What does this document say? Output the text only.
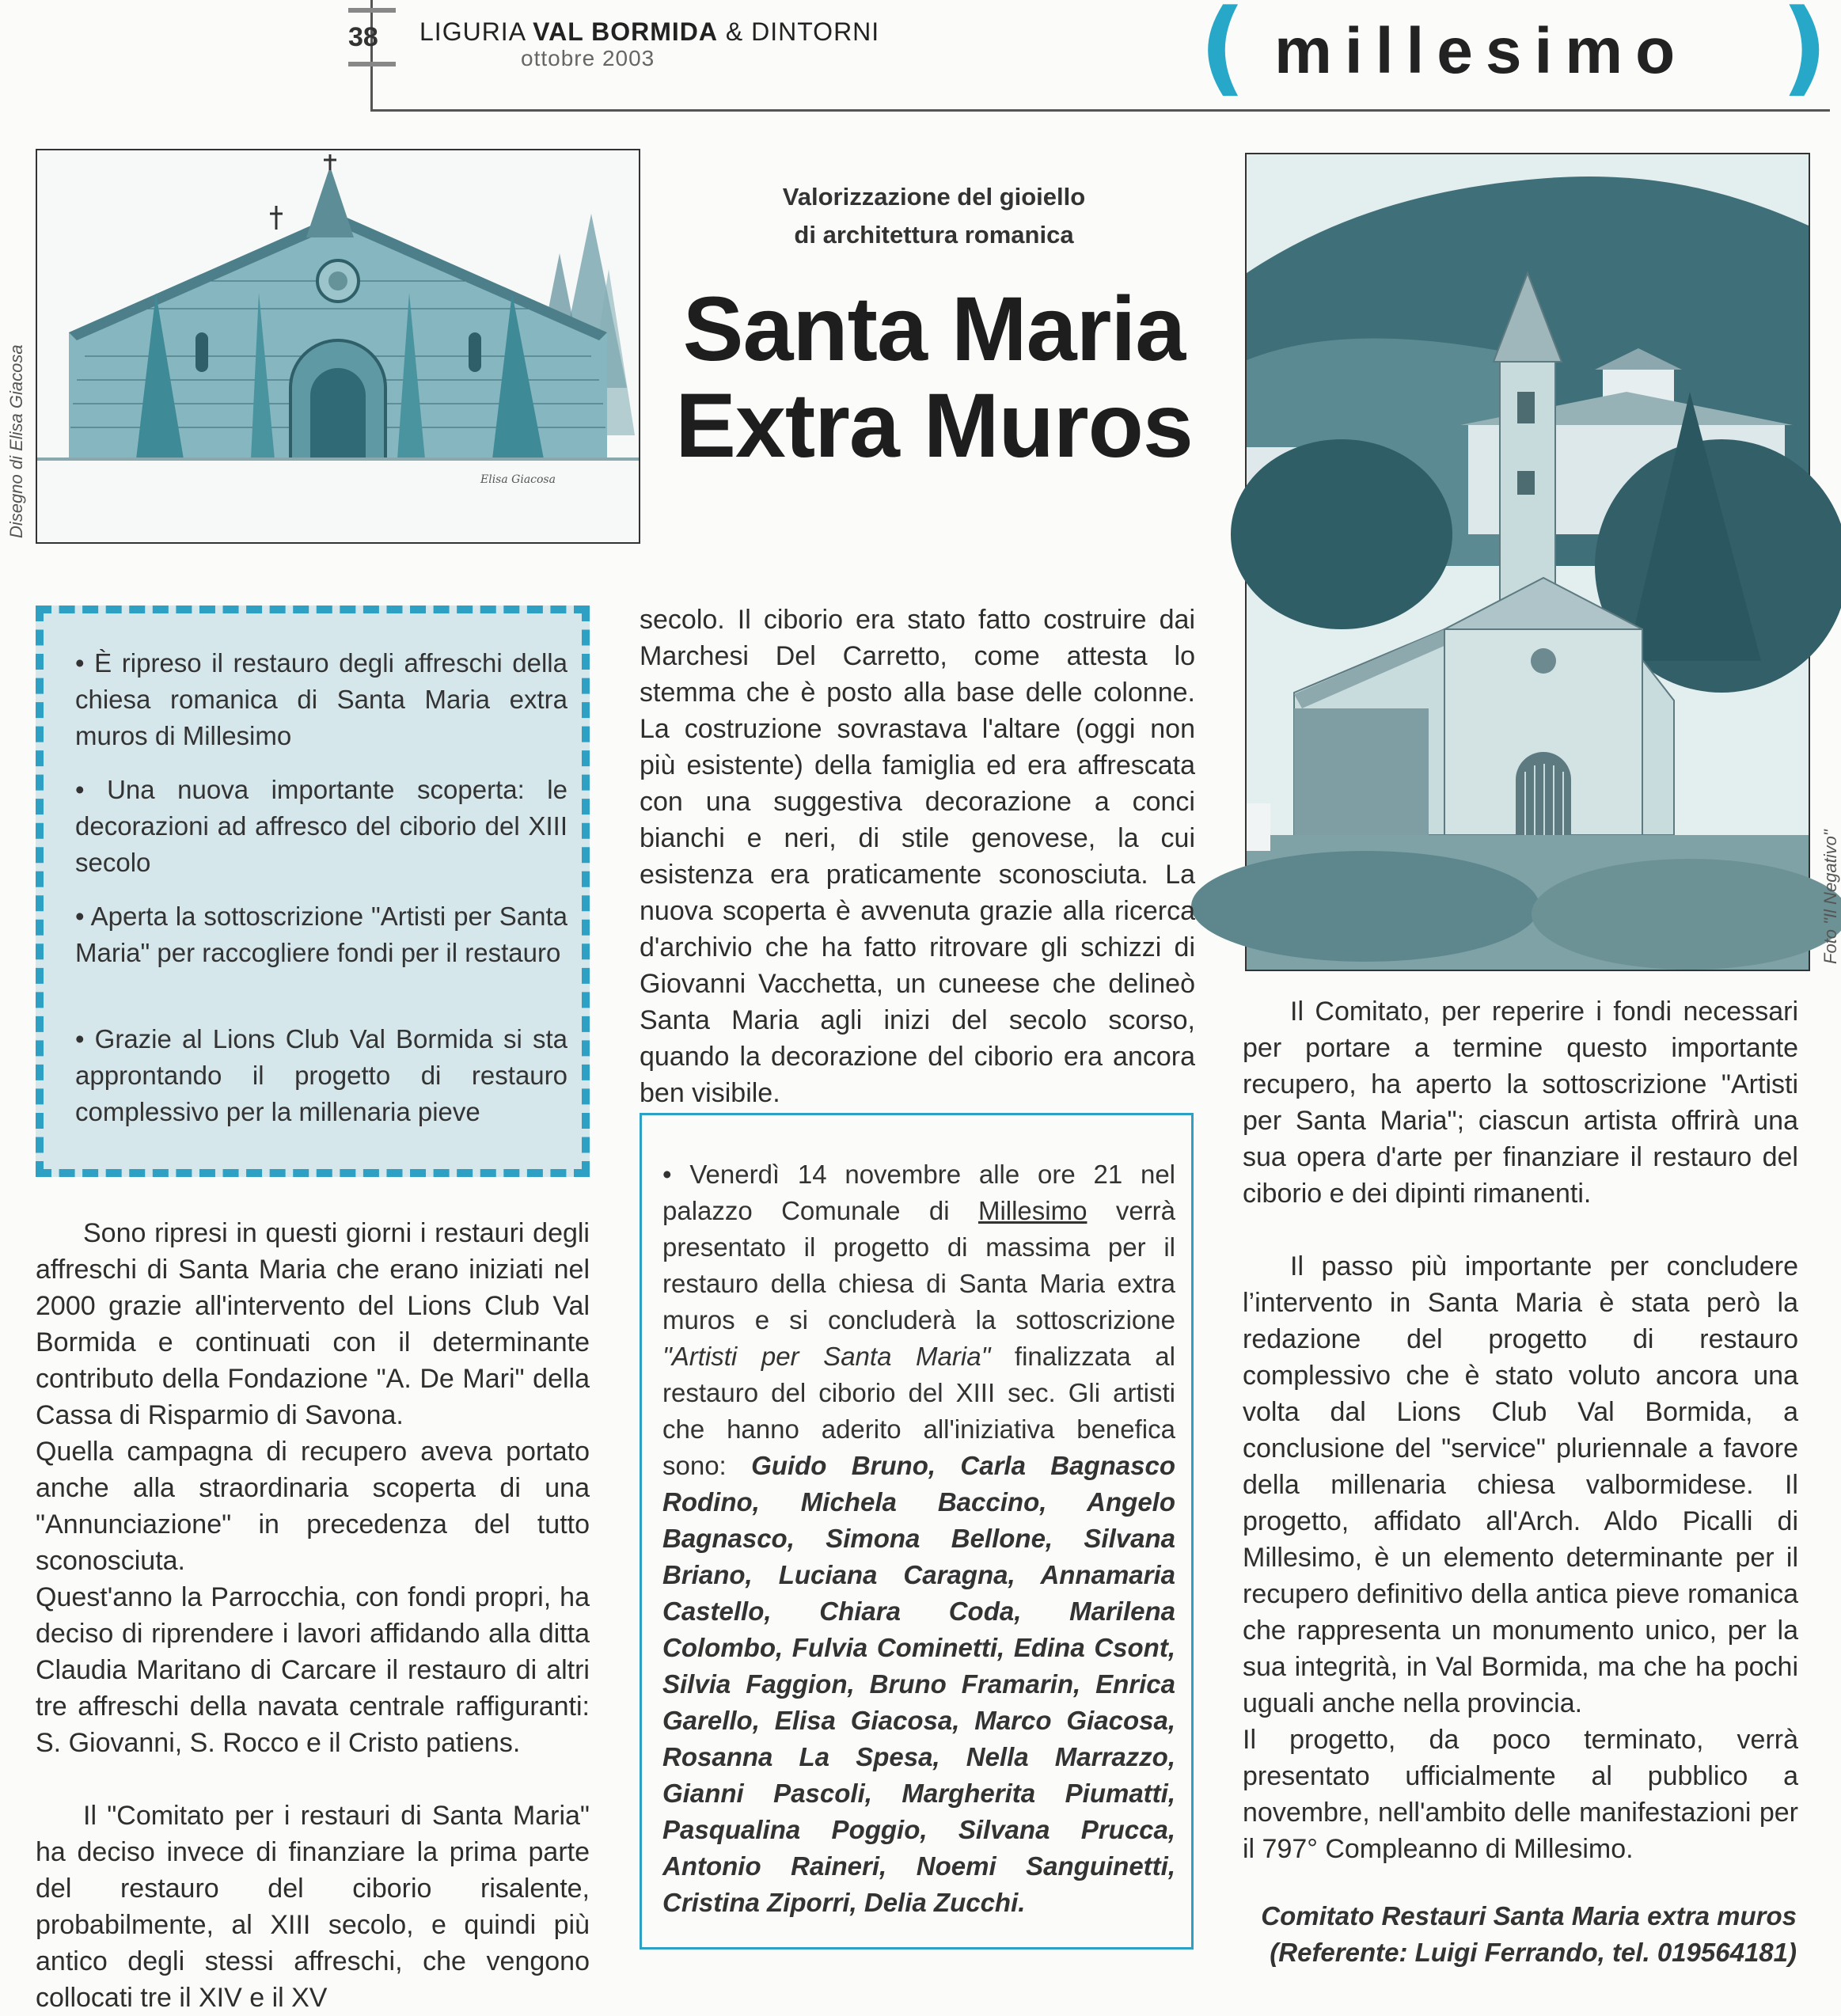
38 LIGURIA VAL BORMIDA & DINTORNI
ottobre 2003	( millesimo )
Elisa Giacosa
Disegno di Elisa Giacosa
Valorizzazione del gioiello
di architettura romanica
Santa Maria
Extra Muros
Foto "Il Negativo"
• È ripreso il restauro degli affreschi della chiesa romanica di Santa Maria extra muros di Millesimo
• Una nuova importante scoperta: le decorazioni ad affresco del ciborio del XIII secolo
• Aperta la sottoscrizione "Artisti per Santa Maria" per raccogliere fondi per il restauro
• Grazie al Lions Club Val Bormida si sta approntando il progetto di restauro complessivo per la millenaria pieve

Sono ripresi in questi giorni i restauri degli affreschi di Santa Maria che erano iniziati nel 2000 grazie all'intervento del Lions Club Val Bormida e continuati con il determinante contributo della Fondazione "A. De Mari" della Cassa di Risparmio di Savona.

Quella campagna di recupero aveva portato anche alla straordinaria scoperta di una "Annunciazione" in precedenza del tutto sconosciuta.

Quest'anno la Parrocchia, con fondi propri, ha deciso di riprendere i lavori affidando alla ditta Claudia Maritano di Carcare il restauro di altri tre affreschi della navata centrale raffiguranti: S. Giovanni, S. Rocco e il Cristo patiens.

Il "Comitato per i restauri di Santa Maria" ha deciso invece di finanziare la prima parte del restauro del ciborio risalente, probabilmente, al XIII secolo, e quindi più antico degli stessi affreschi, che vengono collocati tre il XIV e il XV

secolo. Il ciborio era stato fatto costruire dai Marchesi Del Carretto, come attesta lo stemma che è posto alla base delle colonne. La costruzione sovrastava l'altare (oggi non più esistente) della famiglia ed era affrescata con una suggestiva decorazione a conci bianchi e neri, di stile genovese, la cui esistenza era praticamente sconosciuta. La nuova scoperta è avvenuta grazie alla ricerca d'archivio che ha fatto ritrovare gli schizzi di Giovanni Vacchetta, un cuneese che delineò Santa Maria agli inizi del secolo scorso, quando la decorazione del ciborio era ancora ben visibile.

• Venerdì 14 novembre alle ore 21 nel palazzo Comunale di Millesimo verrà presentato il progetto di massima per il restauro della chiesa di Santa Maria extra muros e si concluderà la sottoscrizione "Artisti per Santa Maria" finalizzata al restauro del ciborio del XIII sec. Gli artisti che hanno aderito all'iniziativa benefica sono: Guido Bruno, Carla Bagnasco Rodino, Michela Baccino, Angelo Bagnasco, Simona Bellone, Silvana Briano, Luciana Caragna, Annamaria Castello, Chiara Coda, Marilena Colombo, Fulvia Cominetti, Edina Csont, Silvia Faggion, Bruno Framarin, Enrica Garello, Elisa Giacosa, Marco Giacosa, Rosanna La Spesa, Nella Marrazzo, Gianni Pascoli, Margherita Piumatti, Pasqualina Poggio, Silvana Prucca, Antonio Raineri, Noemi Sanguinetti, Cristina Ziporri, Delia Zucchi.

Il Comitato, per reperire i fondi necessari per portare a termine questo importante recupero, ha aperto la sottoscrizione "Artisti per Santa Maria"; ciascun artista offrirà una sua opera d'arte per finanziare il restauro del ciborio e dei dipinti rimanenti.

Il passo più importante per concludere l’intervento in Santa Maria è stata però la redazione del progetto di restauro complessivo che è stato voluto ancora una volta dal Lions Club Val Bormida, a conclusione del "service" pluriennale a favore della millenaria chiesa valbormidese. Il progetto, affidato all'Arch. Aldo Picalli di Millesimo, è un elemento determinante per il recupero definitivo della antica pieve romanica che rappresenta un monumento unico, per la sua integrità, in Val Bormida, ma che ha pochi uguali anche nella provincia.

Il progetto, da poco terminato, verrà presentato ufficialmente al pubblico a novembre, nell'ambito delle manifestazioni per il 797° Compleanno di Millesimo.

Comitato Restauri Santa Maria extra muros
(Referente: Luigi Ferrando, tel. 019564181)
